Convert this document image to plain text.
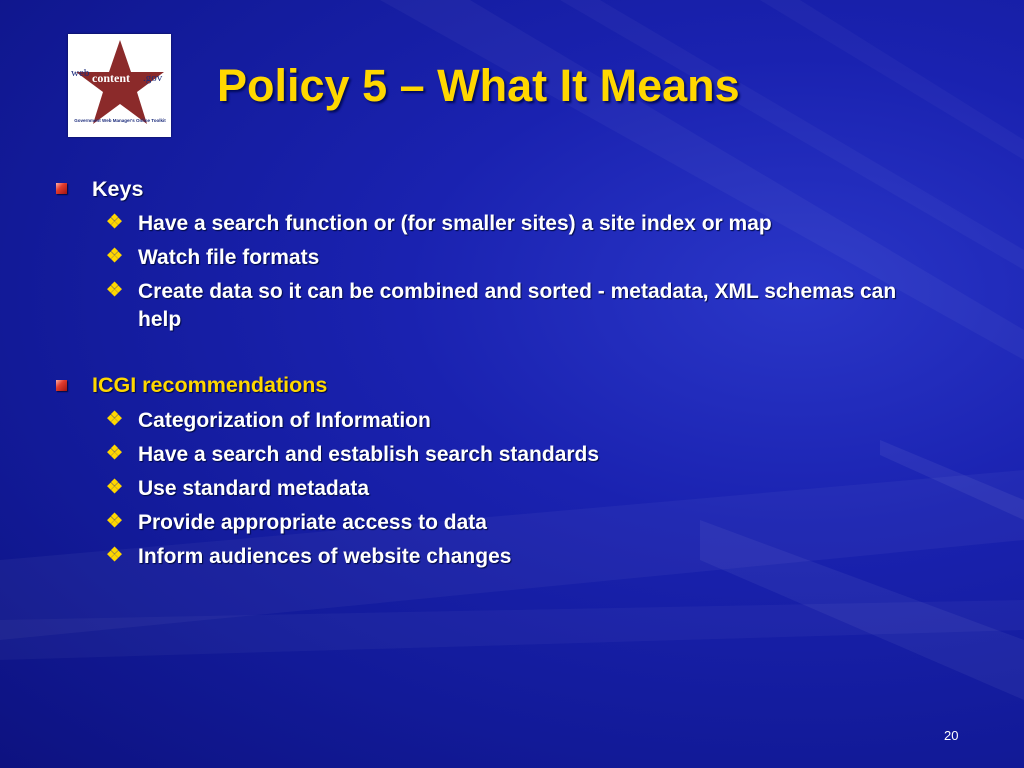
web content .gov
Government Web Manager's Online Toolkit
Policy 5 – What It Means
Keys
❖ Have a search function or (for smaller sites) a site index or map
❖ Watch file formats
❖ Create data so it can be combined and sorted - metadata, XML schemas can help
ICGI recommendations
❖ Categorization of Information
❖ Have a search and establish search standards
❖ Use standard metadata
❖ Provide appropriate access to data
❖ Inform audiences of website changes
20
